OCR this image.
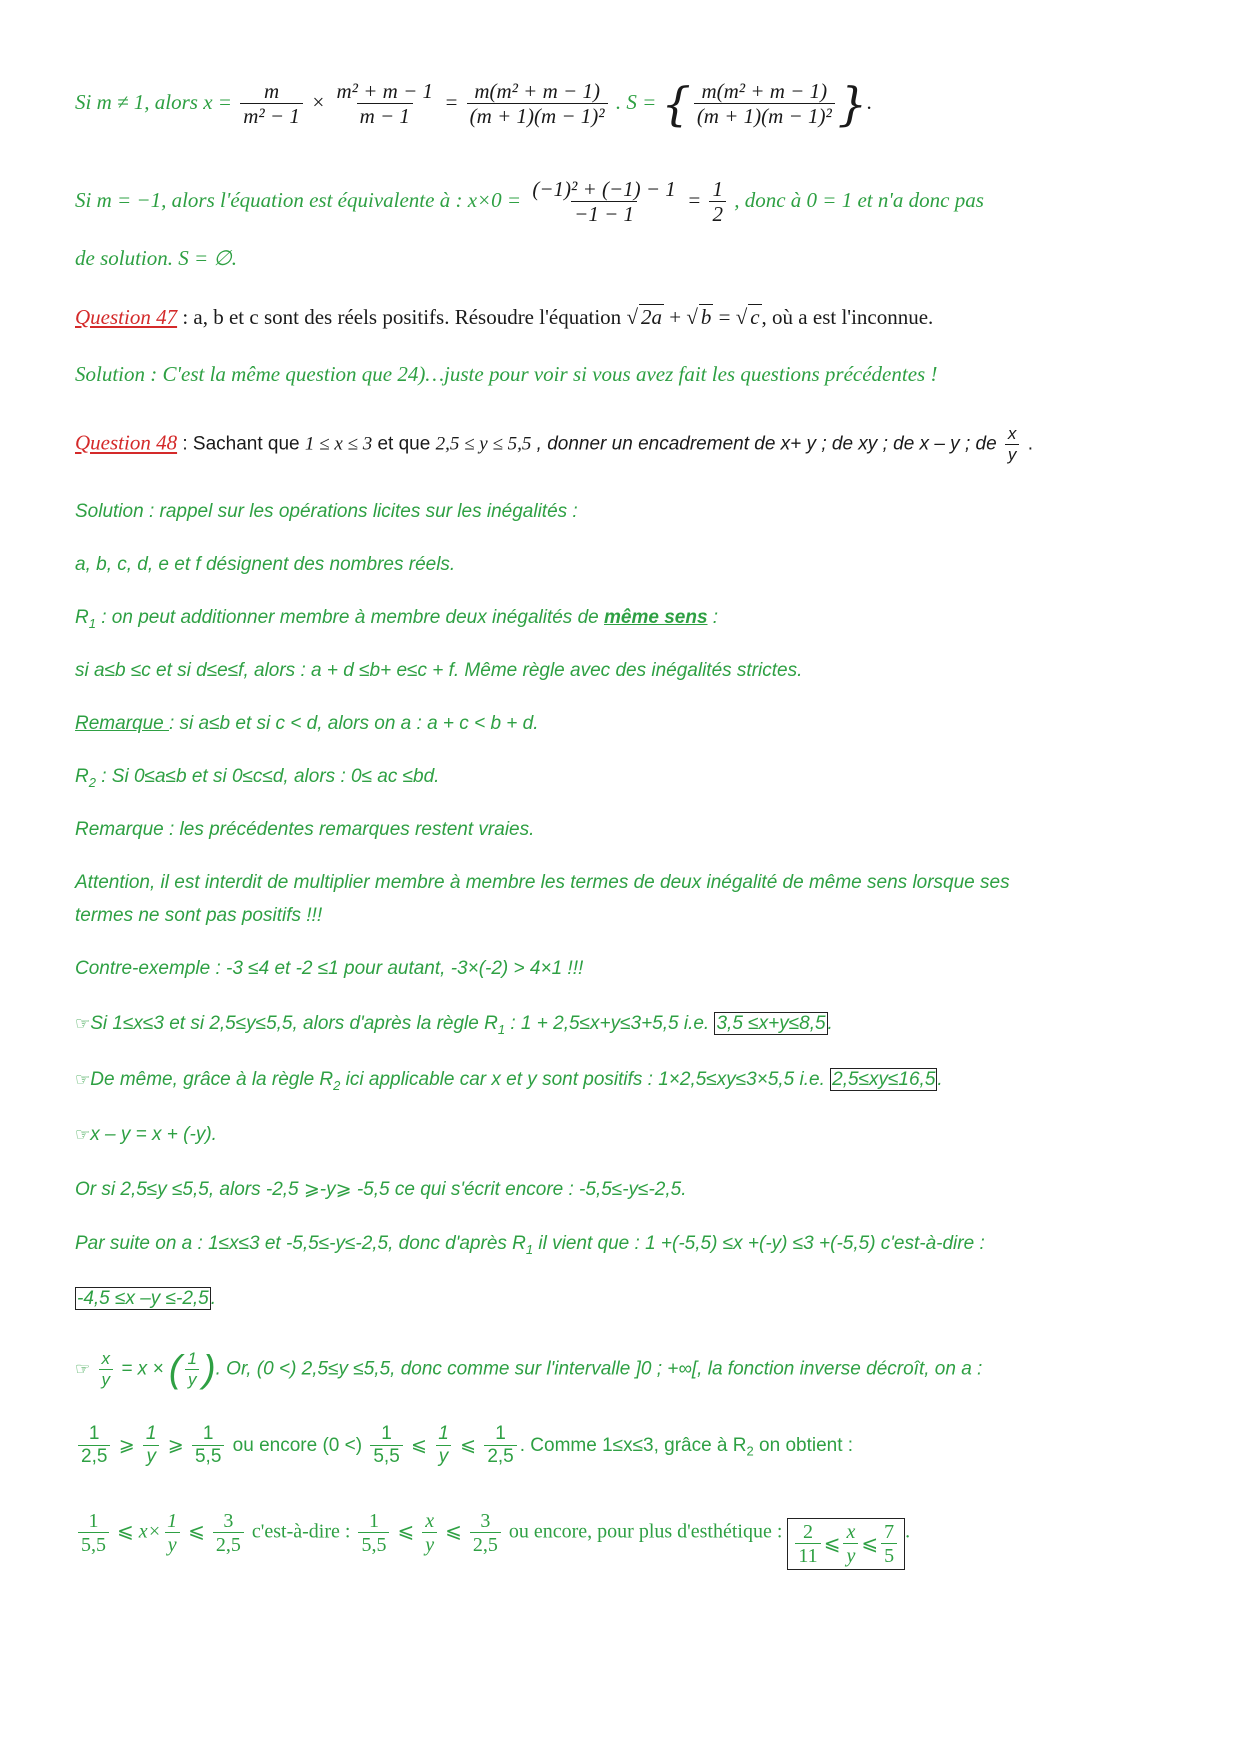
Si m ≠ 1, alors $x = \frac{m}{\text{m² − 1}} \times \frac{\text{m² + m − 1}}{m - 1} = \frac{\text{m(m² + m − 1)}}{\text{(m + 1)(m − 1)²}}$ . S = { $\frac{\text{m(m² + m − 1)}}{\text{(m + 1)(m − 1)²}}$ }.
Si m = −1, alors l'équation est équivalente à : $x\times 0 = \frac{\text{(−1)² + (−1) − 1}}{-1 - 1} = \frac{1}{2}$ , donc à 0 = 1 et n'a donc pas
de solution. S = ∅.
Question 47 : a, b et c sont des réels positifs. Résoudre l'équation √ 2a + √ b = √ c, où a est l'inconnue.
Solution : C'est la même question que 24)…juste pour voir si vous avez fait les questions précédentes !
Question 48 : Sachant que 1 ≤ x ≤ 3 et que 2,5 ≤ y ≤ 5,5 , donner un encadrement de x+ y ; de xy ; de x – y ; de $\frac{x}{y}$ .
Solution : rappel sur les opérations licites sur les inégalités :
a, b, c, d, e et f désignent des nombres réels.
$R_1$ : on peut additionner membre à membre deux inégalités de même sens :
si a≤b ≤c et si d≤e≤f, alors : a + d ≤b+ e≤c + f. Même règle avec des inégalités strictes.
Remarque : si a≤b et si c < d, alors on a : a + c < b + d.
$R_2$ : Si 0≤a≤b et si 0≤c≤d, alors : 0≤ ac ≤bd.
Remarque : les précédentes remarques restent vraies.
Attention, il est interdit de multiplier membre à membre les termes de deux inégalité de même sens lorsque ses
termes ne sont pas positifs !!!
Contre-exemple : -3 ≤4 et -2 ≤1 pour autant, -3×(-2) > 4×1 !!!
☞Si 1≤x≤3 et si 2,5≤y≤5,5, alors d'après la règle $R_1$ : 1 + 2,5≤x+y≤3+5,5 i.e. 3,5 ≤x+y≤8,5 .
☞De même, grâce à la règle $R_2$ ici applicable car x et y sont positifs : 1×2,5≤xy≤3×5,5 i.e. 2,5≤xy≤16,5 .
☞x – y = x + (-y).
Or si 2,5≤y ≤5,5, alors -2,5 ⩾-y⩾ -5,5 ce qui s'écrit encore : -5,5≤-y≤-2,5.
Par suite on a : 1≤x≤3 et -5,5≤-y≤-2,5, donc d'après $R_1$ il vient que : 1 +(-5,5) ≤x +(-y) ≤3 +(-5,5) c'est-à-dire :
-4,5 ≤x –y ≤-2,5 .
☞ $\frac{x}{y} = x$ × ( $\frac{1}{y}$ ). Or, (0 <) 2,5≤y ≤5,5, donc comme sur l'intervalle ]0 ; +∞[, la fonction inverse décroît, on a :
$\frac{1}{2,5}$ ⩾ $\frac{1}{y}$ ⩾ $\frac{1}{5,5}$ ou encore (0 <) $\frac{1}{5,5}$ ⩽ $\frac{1}{y}$ ⩽ $\frac{1}{2,5}$ . Comme 1≤x≤3, grâce à $R_2$ on obtient :
$\frac{1}{5,5}$ ⩽ $x\times \frac{1}{y}$ ⩽ $\frac{3}{2,5}$ c'est-à-dire : $\frac{1}{5,5}$ ⩽ $\frac{x}{y}$ ⩽ $\frac{3}{2,5}$ ou encore, pour plus d'esthétique : $\frac{2}{11}$ ⩽ $\frac{x}{y}$ ⩽ $\frac{7}{5}$ .
